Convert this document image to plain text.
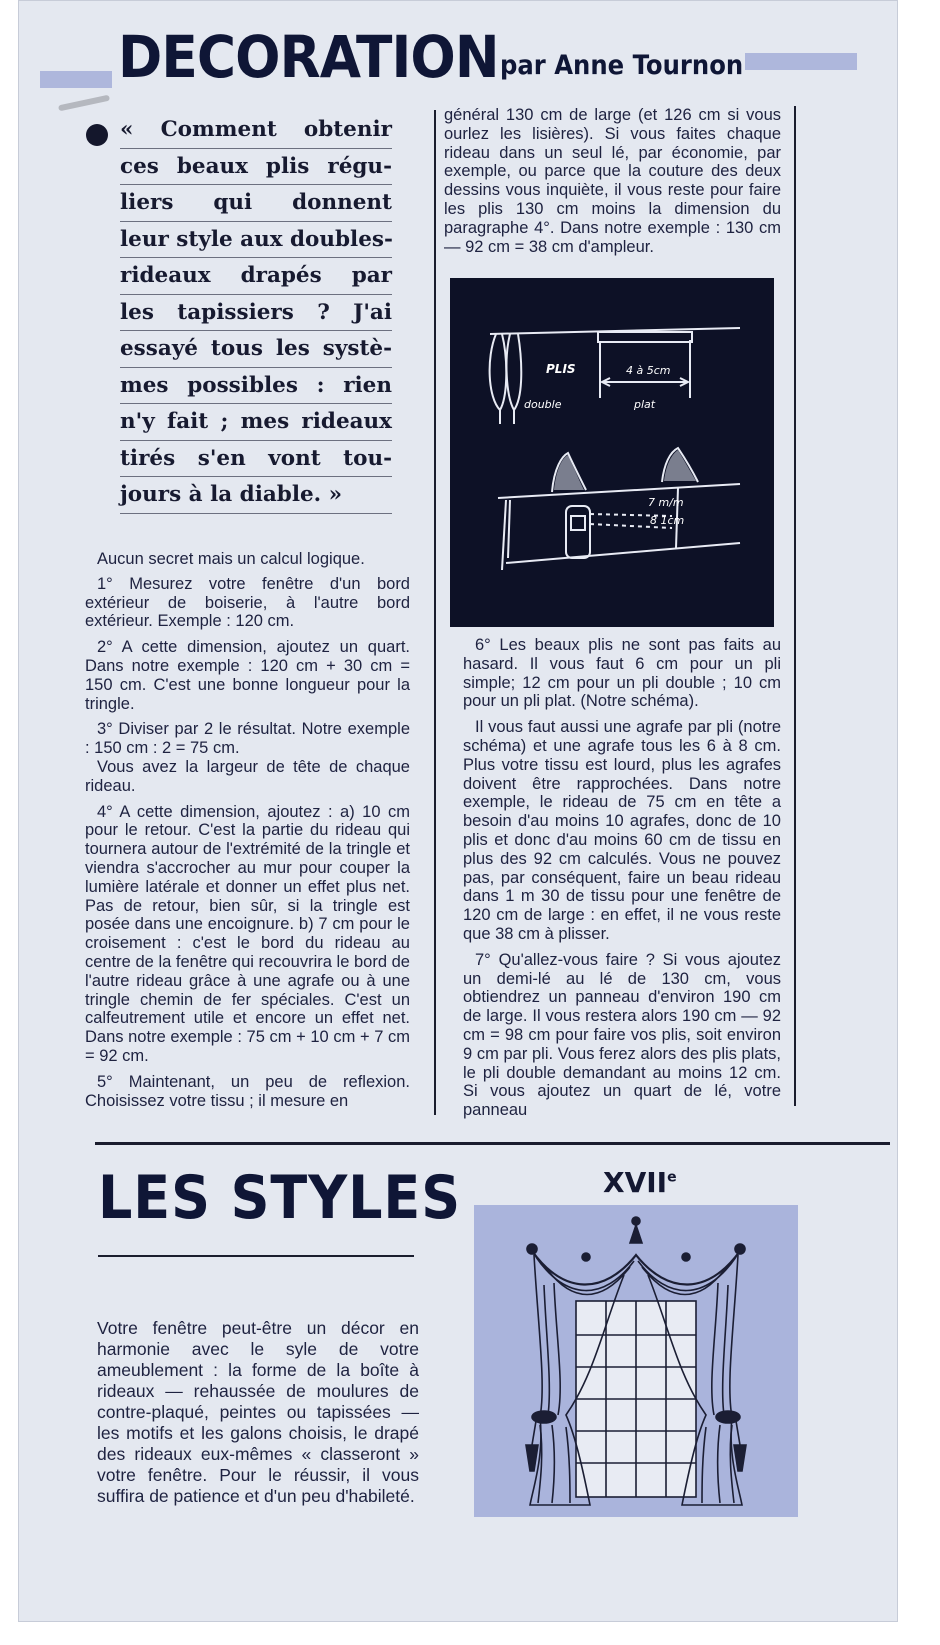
DECORATION par Anne Tournon
« Comment obtenir
ces beaux plis régu-
liers qui donnent
leur style aux doubles-
rideaux drapés par
les tapissiers ? J'ai
essayé tous les systè-
mes possibles : rien
n'y fait ; mes rideaux
tirés s'en vont tou-
jours à la diable. »

Aucun secret mais un calcul logique.

1° Mesurez votre fenêtre d'un bord extérieur de boiserie, à l'autre bord extérieur. Exemple : 120 cm.

2° A cette dimension, ajoutez un quart. Dans notre exemple : 120 cm + 30 cm = 150 cm. C'est une bonne longueur pour la tringle.

3° Diviser par 2 le résultat. Notre exemple : 150 cm : 2 = 75 cm.

Vous avez la largeur de tête de chaque rideau.

4° A cette dimension, ajoutez : a) 10 cm pour le retour. C'est la partie du rideau qui tournera autour de l'extrémité de la tringle et viendra s'accrocher au mur pour couper la lumière latérale et donner un effet plus net. Pas de retour, bien sûr, si la tringle est posée dans une encoignure. b) 7 cm pour le croisement : c'est le bord du rideau au centre de la fenêtre qui recouvrira le bord de l'autre rideau grâce à une agrafe ou à une tringle chemin de fer spéciales. C'est un calfeutrement utile et encore un effet net. Dans notre exemple : 75 cm + 10 cm + 7 cm = 92 cm.

5° Maintenant, un peu de reflexion. Choisissez votre tissu ; il mesure en

général 130 cm de large (et 126 cm si vous ourlez les lisières). Si vous faites chaque rideau dans un seul lé, par économie, par exemple, ou parce que la couture des deux dessins vous inquiète, il vous reste pour faire les plis 130 cm moins la dimension du paragraphe 4°. Dans notre exemple : 130 cm — 92 cm = 38 cm d'ampleur.

PLIS
double	plat
4 à 5cm
7 m/m
8 1cm

6° Les beaux plis ne sont pas faits au hasard. Il vous faut 6 cm pour un pli simple; 12 cm pour un pli double ; 10 cm pour un pli plat. (Notre schéma).

Il vous faut aussi une agrafe par pli (notre schéma) et une agrafe tous les 6 à 8 cm. Plus votre tissu est lourd, plus les agrafes doivent être rapprochées. Dans notre exemple, le rideau de 75 cm en tête a besoin d'au moins 10 agrafes, donc de 10 plis et donc d'au moins 60 cm de tissu en plus des 92 cm calculés. Vous ne pouvez pas, par conséquent, faire un beau rideau dans 1 m 30 de tissu pour une fenêtre de 120 cm de large : en effet, il ne vous reste que 38 cm à plisser.

7° Qu'allez-vous faire ? Si vous ajoutez un demi-lé au lé de 130 cm, vous obtiendrez un panneau d'environ 190 cm de large. Il vous restera alors 190 cm — 92 cm = 98 cm pour faire vos plis, soit environ 9 cm par pli. Vous ferez alors des plis plats, le pli double demandant au moins 12 cm. Si vous ajoutez un quart de lé, votre panneau

LES STYLES	XVIIe
Votre fenêtre peut-être un décor en harmonie avec le syle de votre ameublement : la forme de la boîte à rideaux — rehaussée de moulures de contre-plaqué, peintes ou tapissées — les motifs et les galons choisis, le drapé des rideaux eux-mêmes « classeront » votre fenêtre. Pour le réussir, il vous suffira de patience et d'un peu d'habileté.
